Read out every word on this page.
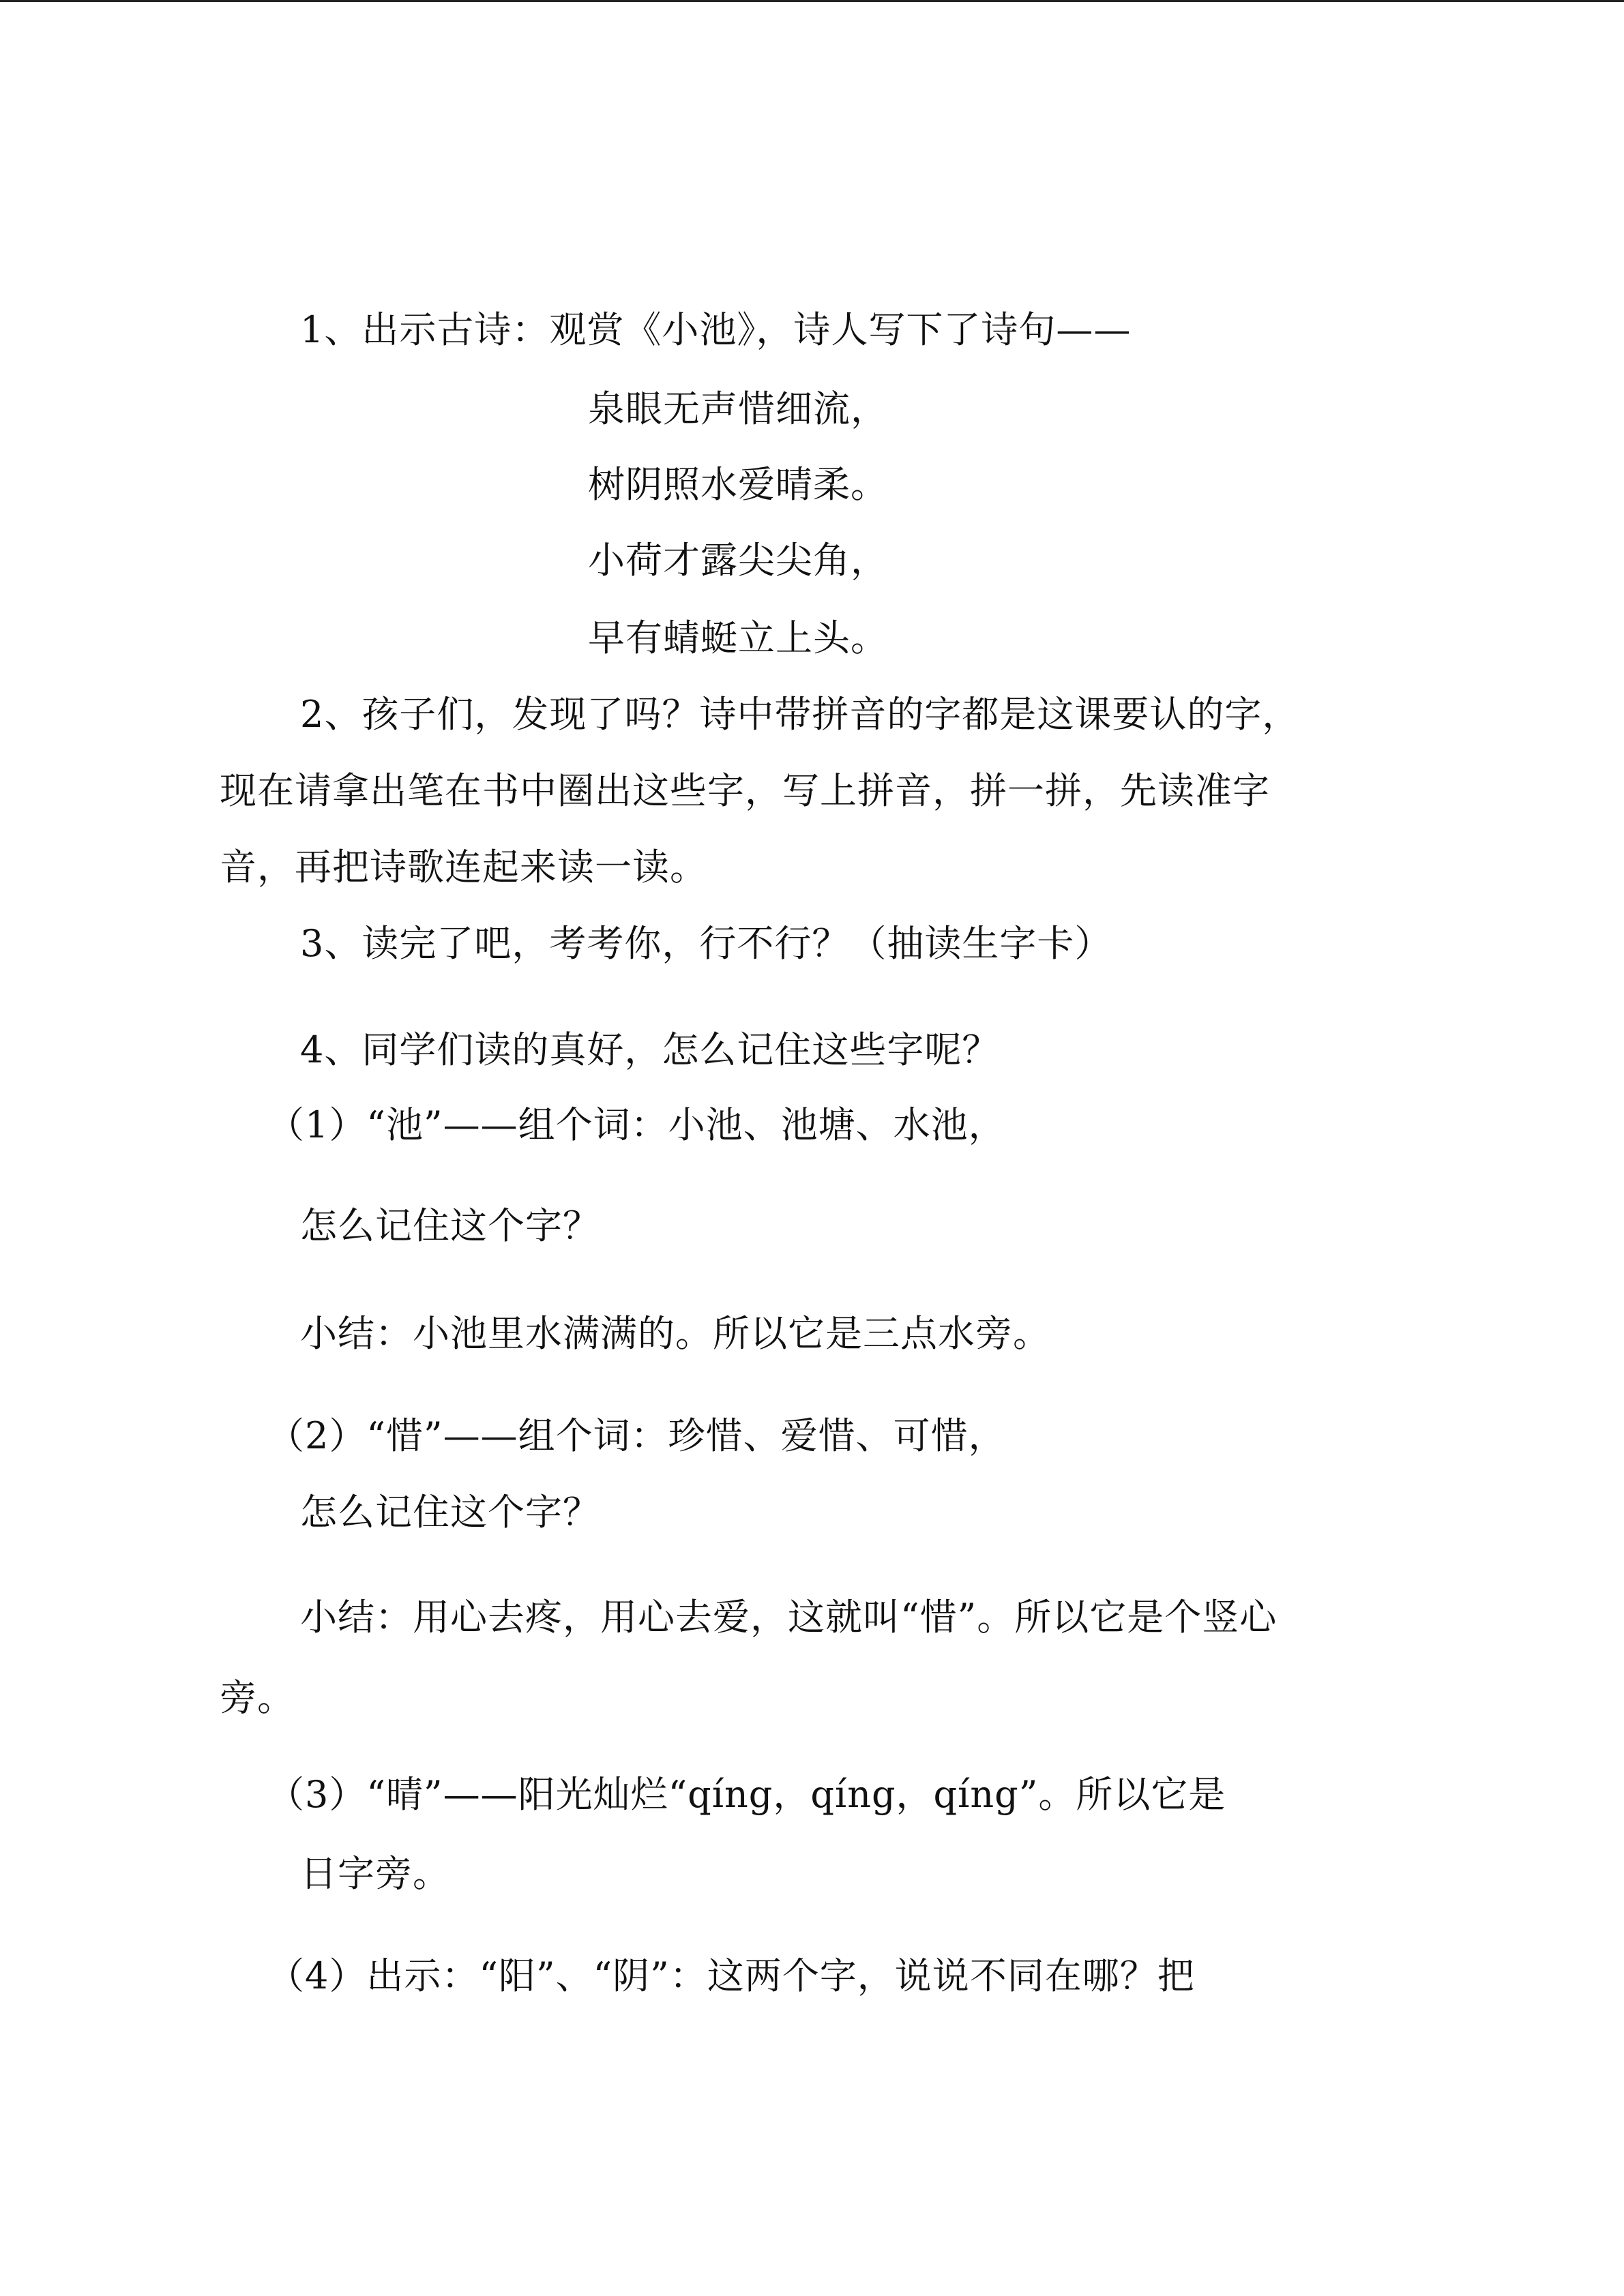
1、出示古诗：观赏《小池》，诗人写下了诗句——
泉眼无声惜细流，
树阴照水爱晴柔。
小荷才露尖尖角，
早有蜻蜓立上头。
2、孩子们，发现了吗？诗中带拼音的字都是这课要认的字，
现在请拿出笔在书中圈出这些字，写上拼音，拼一拼，先读准字
音，再把诗歌连起来读一读。
3、读完了吧，考考你，行不行？（抽读生字卡）
4、同学们读的真好，怎么记住这些字呢？
（1）“池”——组个词：小池、池塘、水池，
怎么记住这个字？
小结：小池里水满满的。所以它是三点水旁。
（2）“惜”——组个词：珍惜、爱惜、可惜，
怎么记住这个字？
小结：用心去疼，用心去爱，这就叫“惜”。所以它是个竖心
旁。
（3）“晴”——阳光灿烂“qíng，qíng，qíng”。所以它是
日字旁。
（4）出示：“阳”、“阴”：这两个字，说说不同在哪？把
